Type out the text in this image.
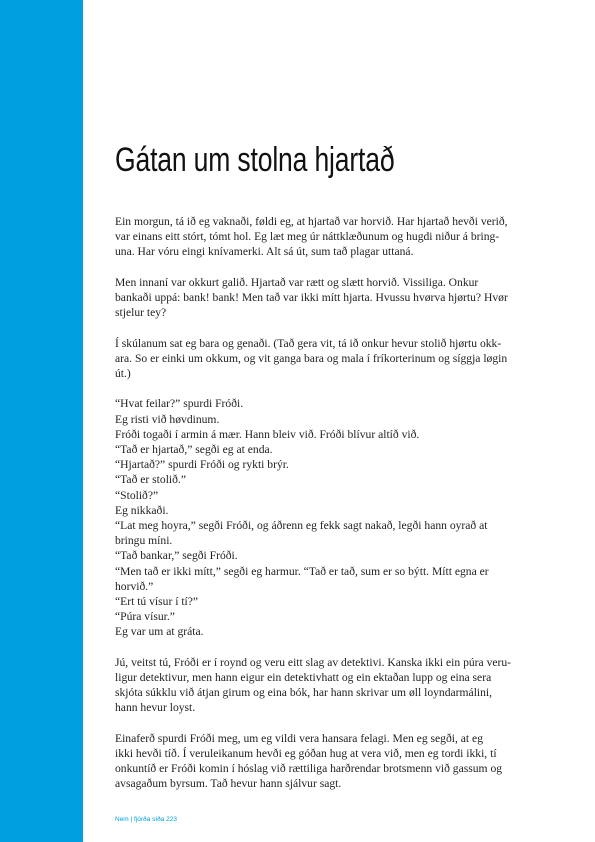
Gátan um stolna hjartað

Ein morgun, tá ið eg vaknaði, føldi eg, at hjartað var horvið. Har hjartað hevði verið,
var einans eitt stórt, tómt hol. Eg læt meg úr náttklæðunum og hugdi niður á bring-
una. Har vóru eingi knívamerki. Alt sá út, sum tað plagar uttaná.

Men innaní var okkurt galið. Hjartað var rætt og slætt horvið. Vissiliga. Onkur
bankaði uppá: bank! bank! Men tað var ikki mítt hjarta. Hvussu hvørva hjørtu? Hvør
stjelur tey?

Í skúlanum sat eg bara og genaði. (Tað gera vit, tá ið onkur hevur stolið hjørtu okk-
ara. So er einki um okkum, og vit ganga bara og mala í fríkorterinum og síggja løgin
út.)

“Hvat feilar?” spurdi Fróði.
Eg risti við høvdinum.
Fróði togaði í armin á mær. Hann bleiv við. Fróði blívur altíð við.
“Tað er hjartað,” segði eg at enda.
“Hjartað?” spurdi Fróði og rykti brýr.
“Tað er stolið.”
“Stolið?”
Eg nikkaði.
“Lat meg hoyra,” segði Fróði, og áðrenn eg fekk sagt nakað, legði hann oyrað at
bringu míni.
“Tað bankar,” segði Fróði.
“Men tað er ikki mítt,” segði eg harmur. “Tað er tað, sum er so býtt. Mítt egna er
horvið.”
“Ert tú vísur í tí?”
“Púra vísur.”
Eg var um at gráta.

Jú, veitst tú, Fróði er í roynd og veru eitt slag av detektivi. Kanska ikki ein púra veru-
ligur detektivur, men hann eigur ein detektivhatt og ein ektaðan lupp og eina sera
skjóta súkklu við átjan girum og eina bók, har hann skrivar um øll loyndarmálini,
hann hevur loyst.

Einaferð spurdi Fróði meg, um eg vildi vera hansara felagi. Men eg segði, at eg
ikki hevði tíð. Í veruleikanum hevði eg góðan hug at vera við, men eg tordi ikki, tí
onkuntíð er Fróði komin í hóslag við rættiliga harðrendar brotsmenn við gassum og
avsagaðum byrsum. Tað hevur hann sjálvur sagt.

Nem | fjórða síða 223
